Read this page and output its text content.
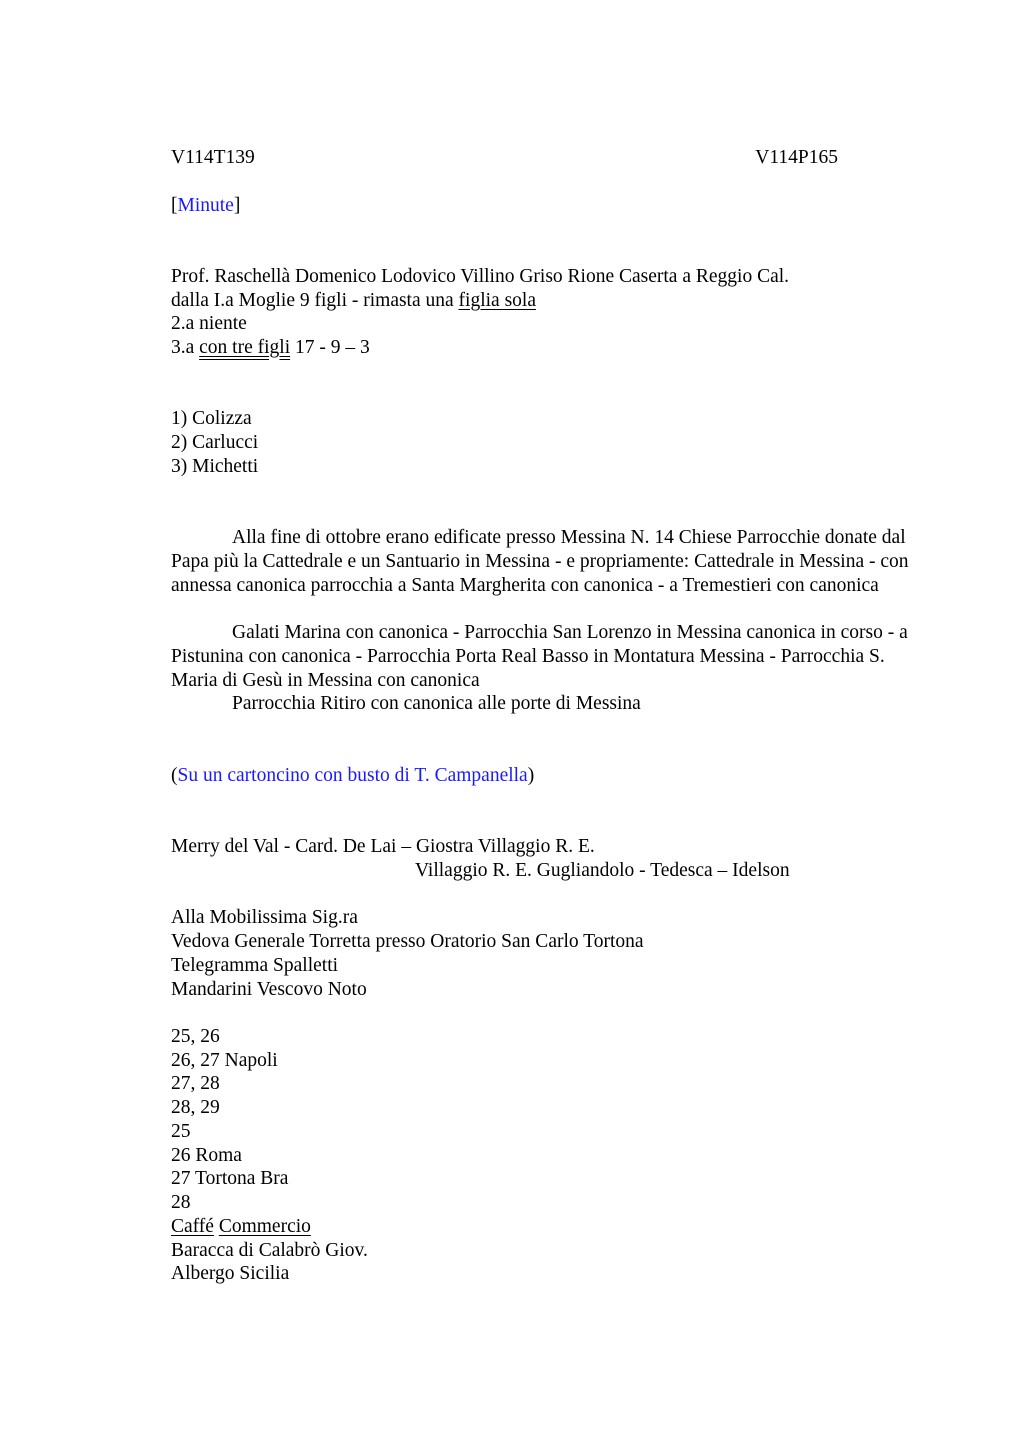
V114T139	V114P165
[Minute]
Prof. Raschellà Domenico Lodovico Villino Griso Rione Caserta a Reggio Cal.
dalla I.a Moglie 9 figli - rimasta una figlia sola
2.a niente
3.a con tre figli 17 - 9 – 3
1) Colizza
2) Carlucci
3) Michetti

Alla fine di ottobre erano edificate presso Messina N. 14 Chiese Parrocchie donate dal Papa più la Cattedrale e un Santuario in Messina - e propriamente: Cattedrale in Messina - con annessa canonica parrocchia a Santa Margherita con canonica - a Tremestieri con canonica

Galati Marina con canonica - Parrocchia San Lorenzo in Messina canonica in corso - a Pistunina con canonica - Parrocchia Porta Real Basso in Montatura Messina - Parrocchia S. Maria di Gesù in Messina con canonica

Parrocchia Ritiro con canonica alle porte di Messina

(Su un cartoncino con busto di T. Campanella)
Merry del Val - Card. De Lai – Giostra Villaggio R. E.
Villaggio R. E. Gugliandolo - Tedesca – Idelson
Alla Mobilissima Sig.ra
Vedova Generale Torretta presso Oratorio San Carlo Tortona
Telegramma Spalletti
Mandarini Vescovo Noto
25, 26
26, 27 Napoli
27, 28
28, 29
25
26 Roma
27 Tortona Bra
28
Caffé Commercio
Baracca di Calabrò Giov.
Albergo Sicilia
